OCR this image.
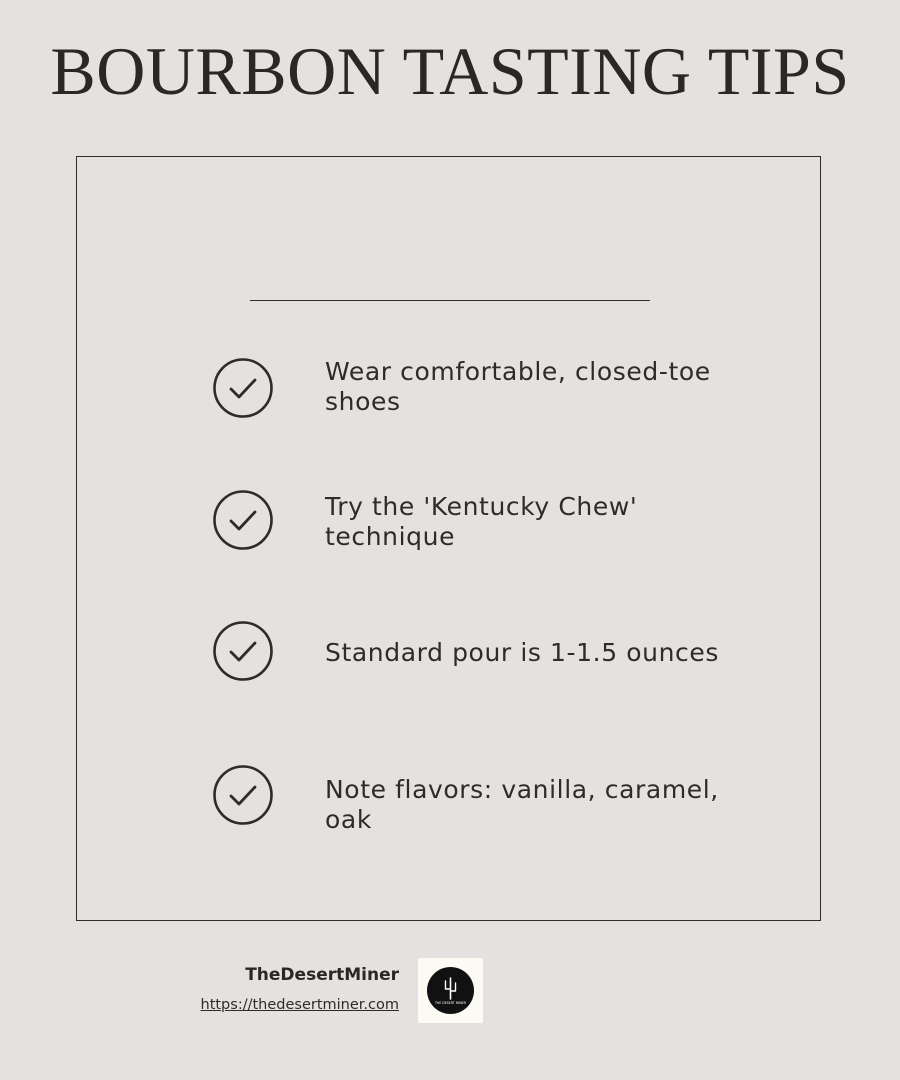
BOURBON TASTING TIPS
Wear comfortable, closed-toe shoes
Try the 'Kentucky Chew' technique
Standard pour is 1-1.5 ounces
Note flavors: vanilla, caramel, oak
TheDesertMiner
https://thedesertminer.com	THE DESERT MINER
